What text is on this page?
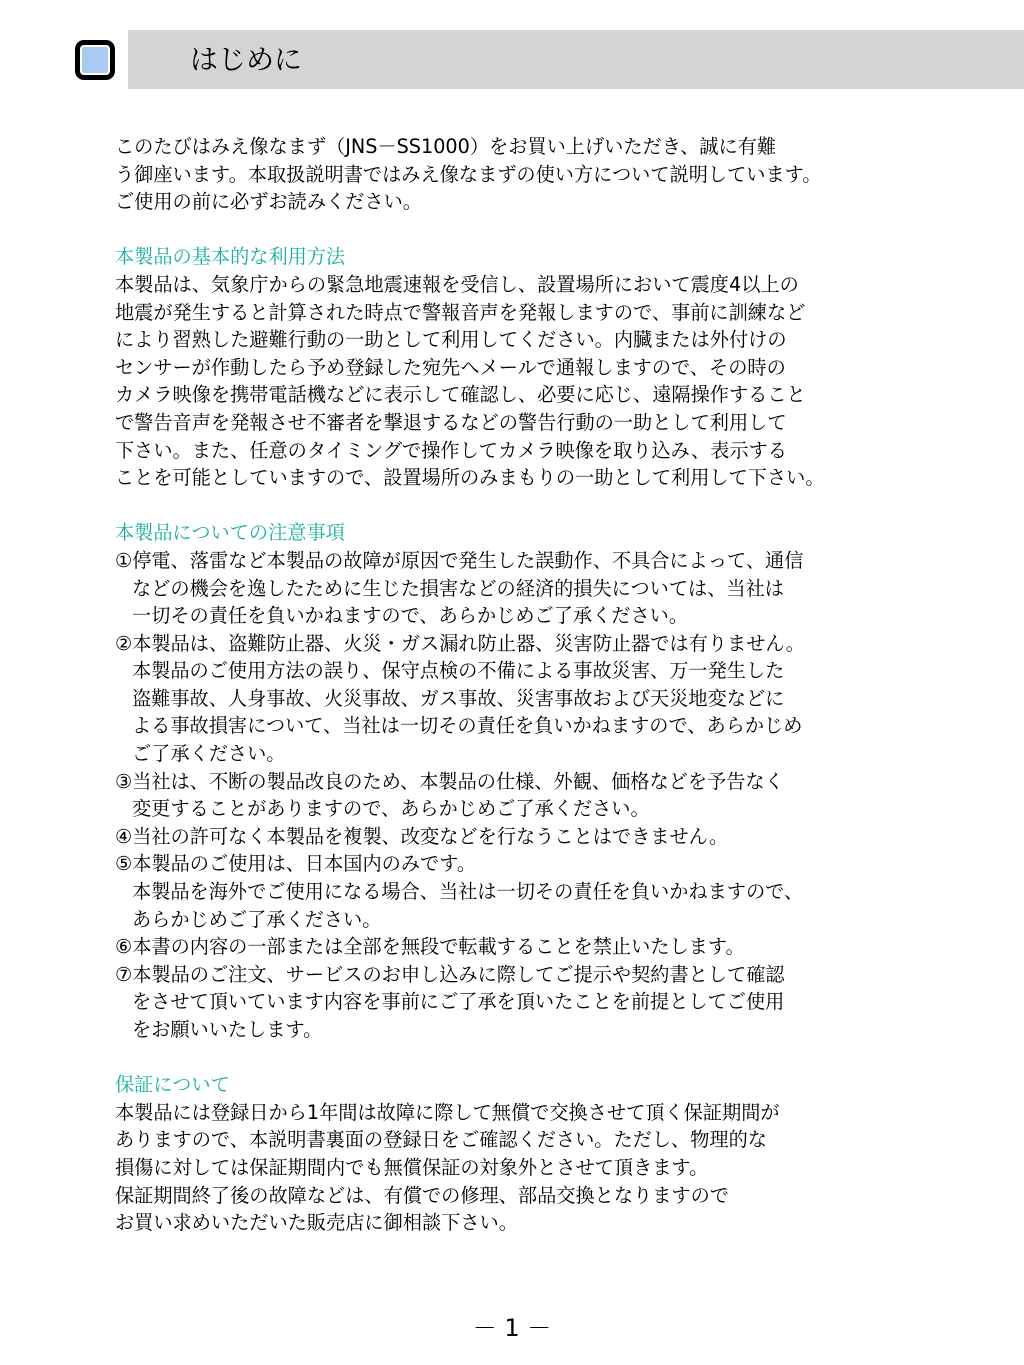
はじめに
このたびはみえ像なまず（JNS－SS1000）をお買い上げいただき、誠に有難
う御座います。本取扱説明書ではみえ像なまずの使い方について説明しています。
ご使用の前に必ずお読みください。
本製品の基本的な利用方法
本製品は、気象庁からの緊急地震速報を受信し、設置場所において震度4以上の
地震が発生すると計算された時点で警報音声を発報しますので、事前に訓練など
により習熟した避難行動の一助として利用してください。内臓または外付けの
センサーが作動したら予め登録した宛先へメールで通報しますので、その時の
カメラ映像を携帯電話機などに表示して確認し、必要に応じ、遠隔操作すること
で警告音声を発報させ不審者を撃退するなどの警告行動の一助として利用して
下さい。また、任意のタイミングで操作してカメラ映像を取り込み、表示する
ことを可能としていますので、設置場所のみまもりの一助として利用して下さい。
本製品についての注意事項
①停電、落雷など本製品の故障が原因で発生した誤動作、不具合によって、通信
などの機会を逸したために生じた損害などの経済的損失については、当社は
一切その責任を負いかねますので、あらかじめご了承ください。
②本製品は、盗難防止器、火災・ガス漏れ防止器、災害防止器では有りません。
本製品のご使用方法の誤り、保守点検の不備による事故災害、万一発生した
盗難事故、人身事故、火災事故、ガス事故、災害事故および天災地変などに
よる事故損害について、当社は一切その責任を負いかねますので、あらかじめ
ご了承ください。
③当社は、不断の製品改良のため、本製品の仕様、外観、価格などを予告なく
変更することがありますので、あらかじめご了承ください。
④当社の許可なく本製品を複製、改変などを行なうことはできません。
⑤本製品のご使用は、日本国内のみです。
本製品を海外でご使用になる場合、当社は一切その責任を負いかねますので、
あらかじめご了承ください。
⑥本書の内容の一部または全部を無段で転載することを禁止いたします。
⑦本製品のご注文、サービスのお申し込みに際してご提示や契約書として確認
をさせて頂いています内容を事前にご了承を頂いたことを前提としてご使用
をお願いいたします。
保証について
本製品には登録日から1年間は故障に際して無償で交換させて頂く保証期間が
ありますので、本説明書裏面の登録日をご確認ください。ただし、物理的な
損傷に対しては保証期間内でも無償保証の対象外とさせて頂きます。
保証期間終了後の故障などは、有償での修理、部品交換となりますので
お買い求めいただいた販売店に御相談下さい。
－ 1 －
